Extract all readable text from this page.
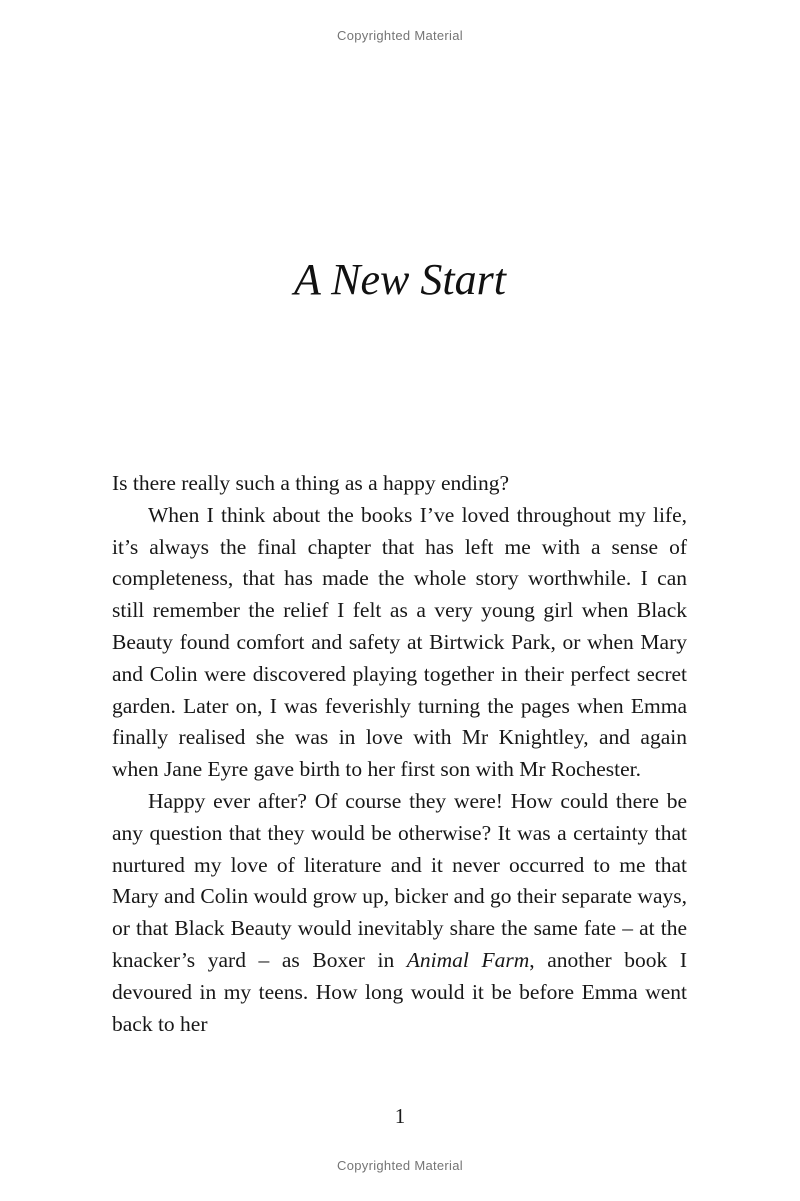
Copyrighted Material
A New Start

Is there really such a thing as a happy ending?

When I think about the books I’ve loved throughout my life, it’s always the final chapter that has left me with a sense of completeness, that has made the whole story worthwhile. I can still remember the relief I felt as a very young girl when Black Beauty found comfort and safety at Birtwick Park, or when Mary and Colin were discovered playing together in their perfect secret garden. Later on, I was feverishly turning the pages when Emma finally realised she was in love with Mr Knightley, and again when Jane Eyre gave birth to her first son with Mr Rochester.

Happy ever after? Of course they were! How could there be any question that they would be otherwise? It was a certainty that nurtured my love of literature and it never occurred to me that Mary and Colin would grow up, bicker and go their separate ways, or that Black Beauty would inevitably share the same fate – at the knacker’s yard – as Boxer in Animal Farm, another book I devoured in my teens. How long would it be before Emma went back to her

1
Copyrighted Material
